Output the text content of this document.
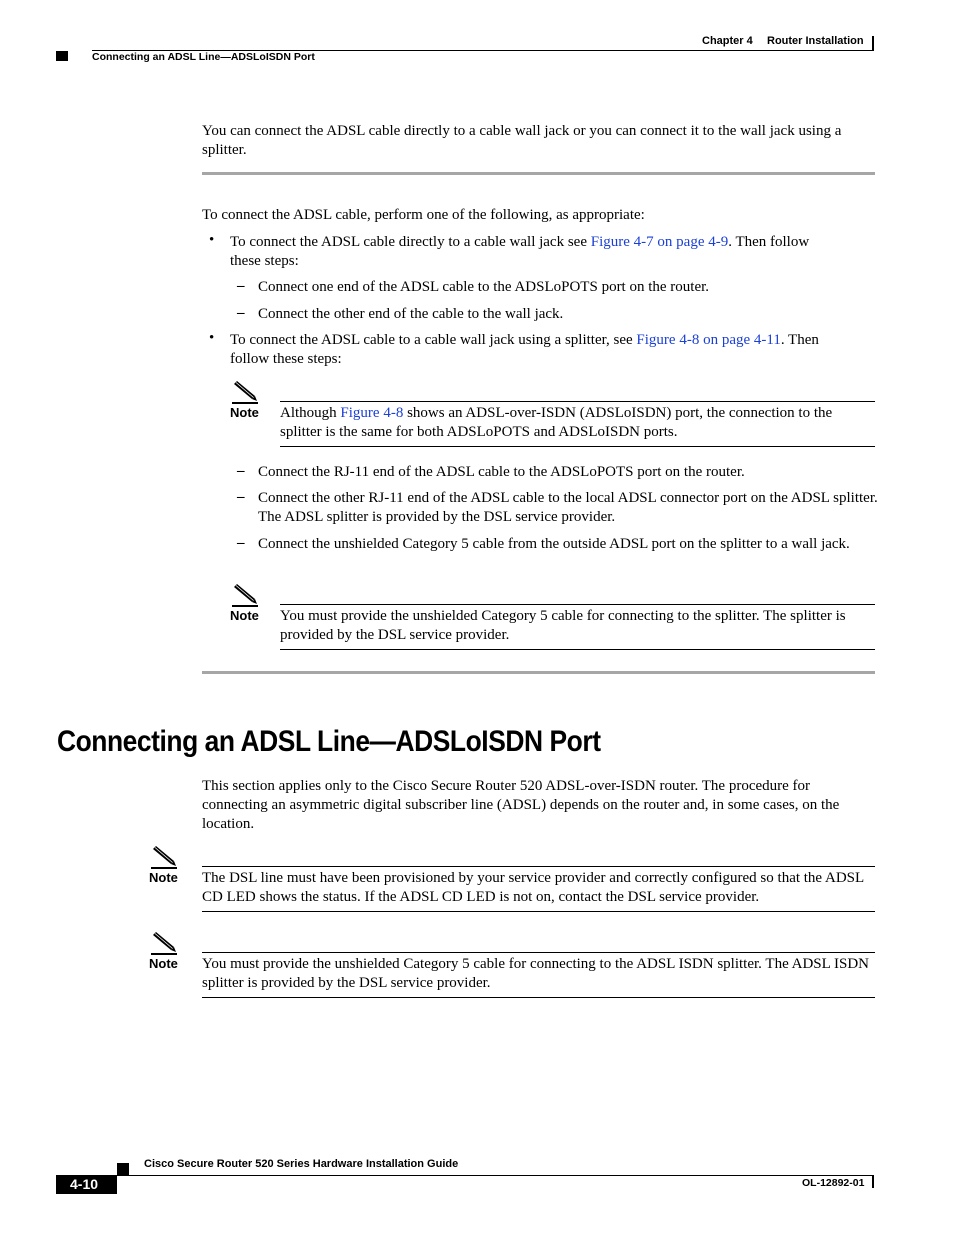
Chapter 4 Router Installation
Connecting an ADSL Line—ADSLoISDN Port
You can connect the ADSL cable directly to a cable wall jack or you can connect it to the wall jack using a splitter.
To connect the ADSL cable, perform one of the following, as appropriate:
• To connect the ADSL cable directly to a cable wall jack see Figure 4-7 on page 4-9. Then follow
these steps:
– Connect one end of the ADSL cable to the ADSLoPOTS port on the router.
– Connect the other end of the cable to the wall jack.
• To connect the ADSL cable to a cable wall jack using a splitter, see Figure 4-8 on page 4-11. Then
follow these steps:
Note Although Figure 4-8 shows an ADSL-over-ISDN (ADSLoISDN) port, the connection to the splitter is the same for both ADSLoPOTS and ADSLoISDN ports.
– Connect the RJ-11 end of the ADSL cable to the ADSLoPOTS port on the router.
– Connect the other RJ-11 end of the ADSL cable to the local ADSL connector port on the ADSL splitter. The ADSL splitter is provided by the DSL service provider.
– Connect the unshielded Category 5 cable from the outside ADSL port on the splitter to a wall jack.
Note You must provide the unshielded Category 5 cable for connecting to the splitter. The splitter is provided by the DSL service provider.
Connecting an ADSL Line—ADSLoISDN Port
This section applies only to the Cisco Secure Router 520 ADSL-over-ISDN router. The procedure for connecting an asymmetric digital subscriber line (ADSL) depends on the router and, in some cases, on the location.
Note The DSL line must have been provisioned by your service provider and correctly configured so that the ADSL CD LED shows the status. If the ADSL CD LED is not on, contact the DSL service provider.
Note You must provide the unshielded Category 5 cable for connecting to the ADSL ISDN splitter. The ADSL ISDN splitter is provided by the DSL service provider.
Cisco Secure Router 520 Series Hardware Installation Guide
4-10	OL-12892-01
